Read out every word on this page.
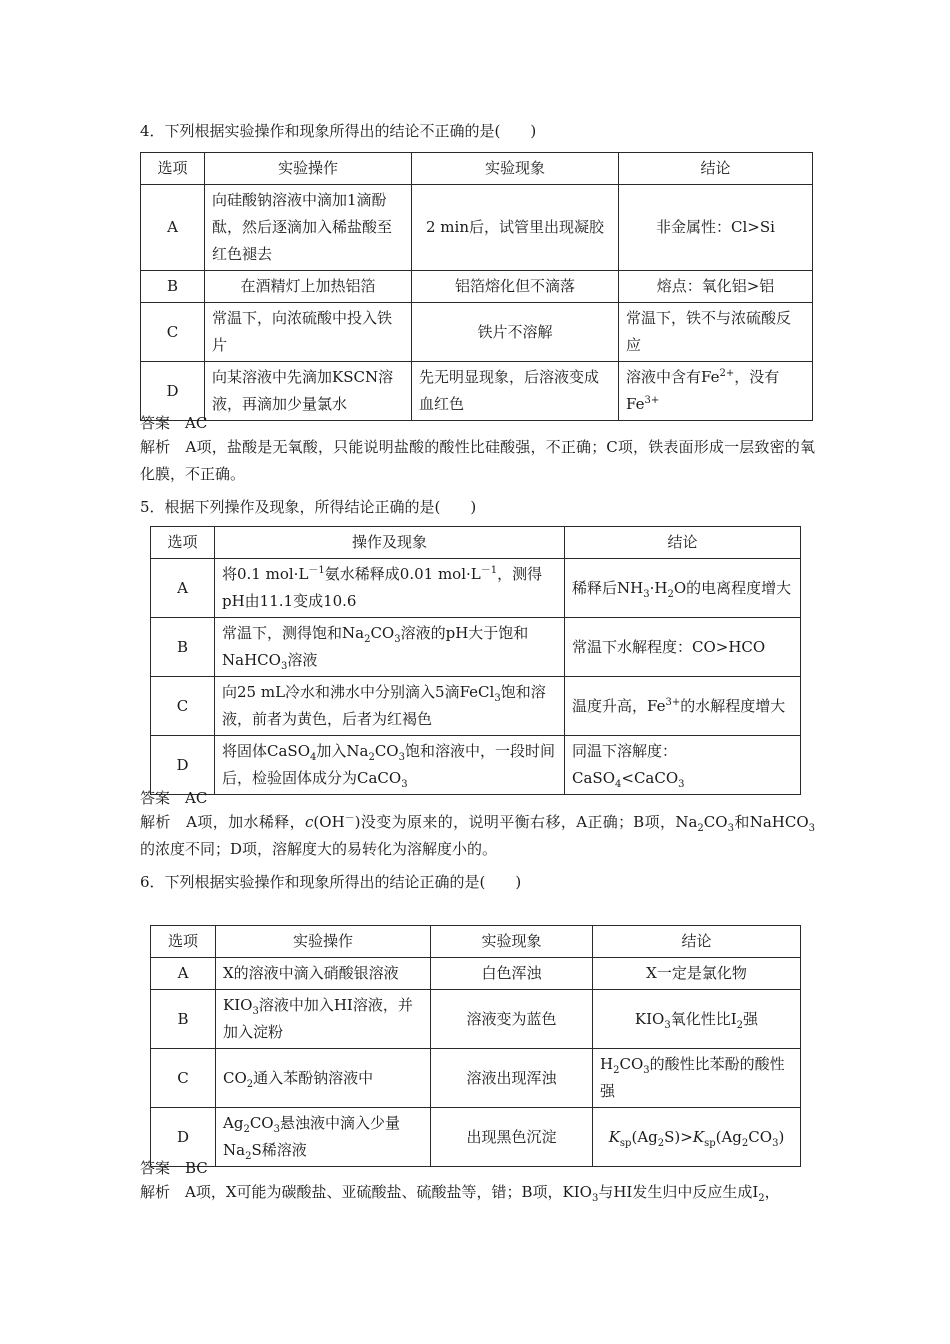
4．下列根据实验操作和现象所得出的结论不正确的是(　　)

选项	实验操作	实验现象	结论
A	向硅酸钠溶液中滴加1滴酚酞，然后逐滴加入稀盐酸至红色褪去	2 min后，试管里出现凝胶	非金属性：Cl>Si
B	在酒精灯上加热铝箔	铝箔熔化但不滴落	熔点：氧化铝>铝
C	常温下，向浓硫酸中投入铁片	铁片不溶解	常温下，铁不与浓硫酸反应
D	向某溶液中先滴加KSCN溶液，再滴加少量氯水	先无明显现象，后溶液变成血红色	溶液中含有$Fe^{2+}$，没有
$Fe^{3+}$

答案　AC

解析　A项，盐酸是无氧酸，只能说明盐酸的酸性比硅酸强，不正确；C项，铁表面形成一层致密的氧化膜，不正确。

5．根据下列操作及现象，所得结论正确的是(　　)

选项	操作及现象	结论
A	将0.1 $mol\cdot L^{-1}$氨水稀释成0.01 $mol\cdot L^{-1}$，测得pH由11.1变成10.6	稀释后$NH_3\cdot H_2O$的电离程度增大
B	常温下，测得饱和$Na_2CO_3$溶液的pH大于饱和NaHCO$_3$溶液	常温下水解程度：CO>HCO
C	向25 mL冷水和沸水中分别滴入5滴FeCl$_3$饱和溶液，前者为黄色，后者为红褐色	温度升高，$Fe^{3+}$的水解程度增大
D	将固体CaSO$_4$加入$Na_2CO_3$饱和溶液中，一段时间后，检验固体成分为CaCO$_3$	同温下溶解度：
CaSO$_4$<CaCO$_3$

答案　AC

解析　A项，加水稀释，c(OH－)没变为原来的，说明平衡右移，A正确；B项，$Na_2CO_3$和NaHCO$_3$的浓度不同；D项，溶解度大的易转化为溶解度小的。

6．下列根据实验操作和现象所得出的结论正确的是(　　)

选项	实验操作	实验现象	结论
A	X的溶液中滴入硝酸银溶液	白色浑浊	X一定是氯化物
B	$KIO_3$溶液中加入HI溶液，并加入淀粉	溶液变为蓝色	$KIO_3$氧化性比$I_2$强
C	$CO_2$通入苯酚钠溶液中	溶液出现浑浊	$H_2CO_3$的酸性比苯酚的酸性强
D	$Ag_2CO_3$悬浊液中滴入少量$Na_2S$稀溶液	出现黑色沉淀	$K_{sp}(Ag_2S)>K_{sp}(Ag_2CO_3)$

答案　BC

解析　A项，X可能为碳酸盐、亚硫酸盐、硫酸盐等，错；B项，$KIO_3$与HI发生归中反应生成$I_2$，
